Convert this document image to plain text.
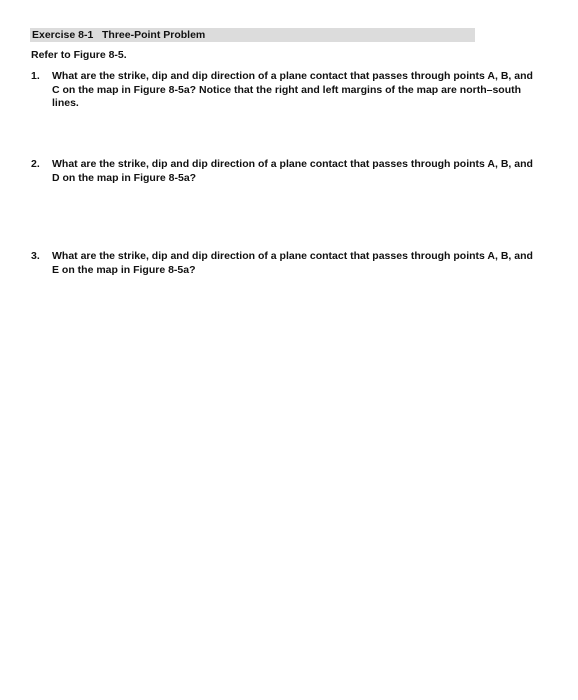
Exercise 8-1 Three-Point Problem
Refer to Figure 8-5.
1.	What are the strike, dip and dip direction of a plane contact that passes through points A, B, and C on the map in Figure 8-5a? Notice that the right and left margins of the map are north–south lines.
2.	What are the strike, dip and dip direction of a plane contact that passes through points A, B, and D on the map in Figure 8-5a?
3.	What are the strike, dip and dip direction of a plane contact that passes through points A, B, and E on the map in Figure 8-5a?
